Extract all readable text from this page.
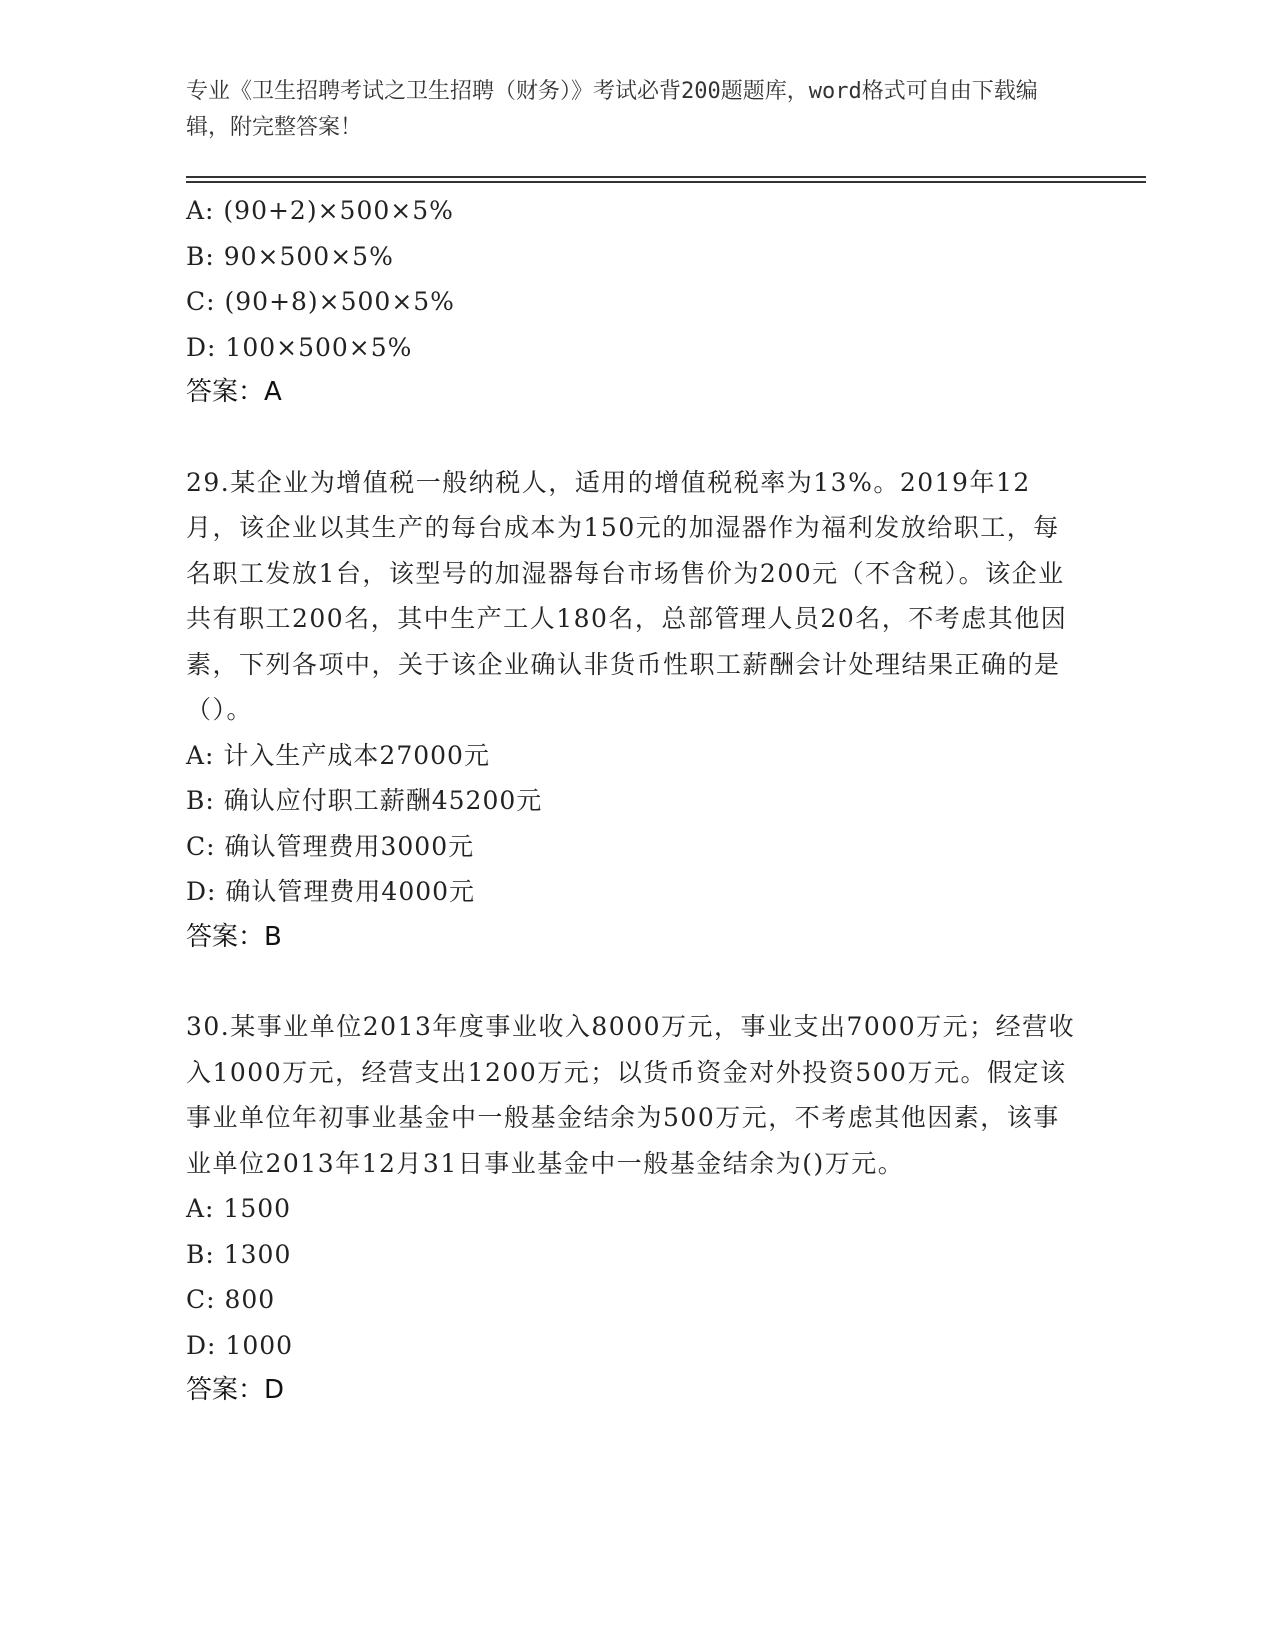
专业《卫生招聘考试之卫生招聘（财务）》考试必背200题题库，word格式可自由下载编辑，附完整答案！
A: (90+2)×500×5%
B: 90×500×5%
C: (90+8)×500×5%
D: 100×500×5%
答案：A
29.某企业为增值税一般纳税人，适用的增值税税率为13%。2019年12月，该企业以其生产的每台成本为150元的加湿器作为福利发放给职工，每名职工发放1台，该型号的加湿器每台市场售价为200元（不含税）。该企业共有职工200名，其中生产工人180名，总部管理人员20名，不考虑其他因素，下列各项中，关于该企业确认非货币性职工薪酬会计处理结果正确的是（）。
A: 计入生产成本27000元
B: 确认应付职工薪酬45200元
C: 确认管理费用3000元
D: 确认管理费用4000元
答案：B
30.某事业单位2013年度事业收入8000万元，事业支出7000万元；经营收入1000万元，经营支出1200万元；以货币资金对外投资500万元。假定该事业单位年初事业基金中一般基金结余为500万元，不考虑其他因素，该事业单位2013年12月31日事业基金中一般基金结余为()万元。
A: 1500
B: 1300
C: 800
D: 1000
答案：D
